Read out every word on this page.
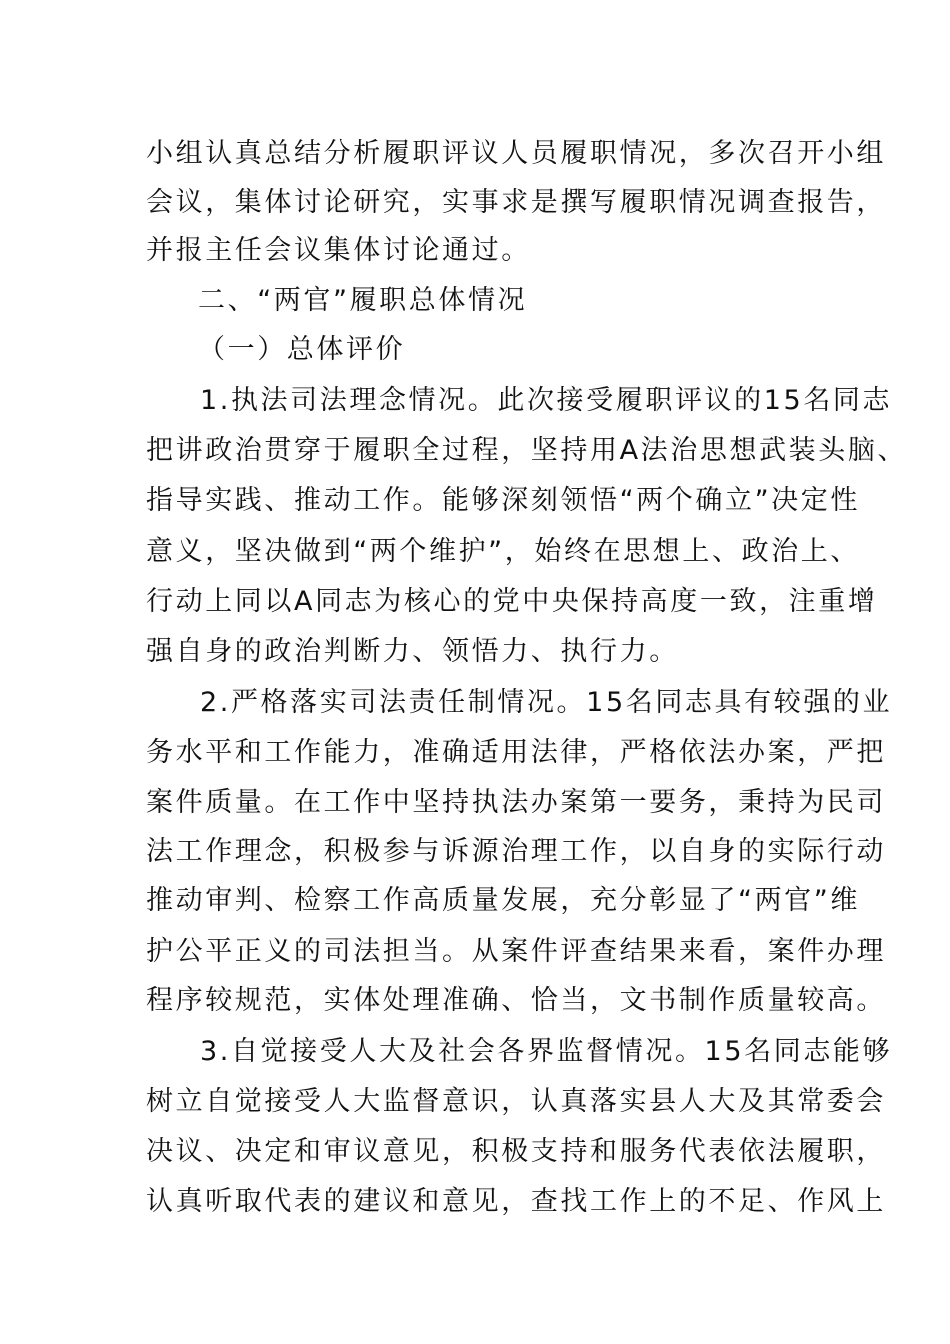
小组认真总结分析履职评议人员履职情况，多次召开小组
会议，集体讨论研究，实事求是撰写履职情况调查报告，
并报主任会议集体讨论通过。
二、“两官”履职总体情况
（一）总体评价
1.执法司法理念情况。此次接受履职评议的15名同志
把讲政治贯穿于履职全过程，坚持用A法治思想武装头脑、
指导实践、推动工作。能够深刻领悟“两个确立”决定性
意义，坚决做到“两个维护”，始终在思想上、政治上、
行动上同以A同志为核心的党中央保持高度一致，注重增
强自身的政治判断力、领悟力、执行力。
2.严格落实司法责任制情况。15名同志具有较强的业
务水平和工作能力，准确适用法律，严格依法办案，严把
案件质量。在工作中坚持执法办案第一要务，秉持为民司
法工作理念，积极参与诉源治理工作，以自身的实际行动
推动审判、检察工作高质量发展，充分彰显了“两官”维
护公平正义的司法担当。从案件评查结果来看，案件办理
程序较规范，实体处理准确、恰当，文书制作质量较高。
3.自觉接受人大及社会各界监督情况。15名同志能够
树立自觉接受人大监督意识，认真落实县人大及其常委会
决议、决定和审议意见，积极支持和服务代表依法履职，
认真听取代表的建议和意见，查找工作上的不足、作风上
